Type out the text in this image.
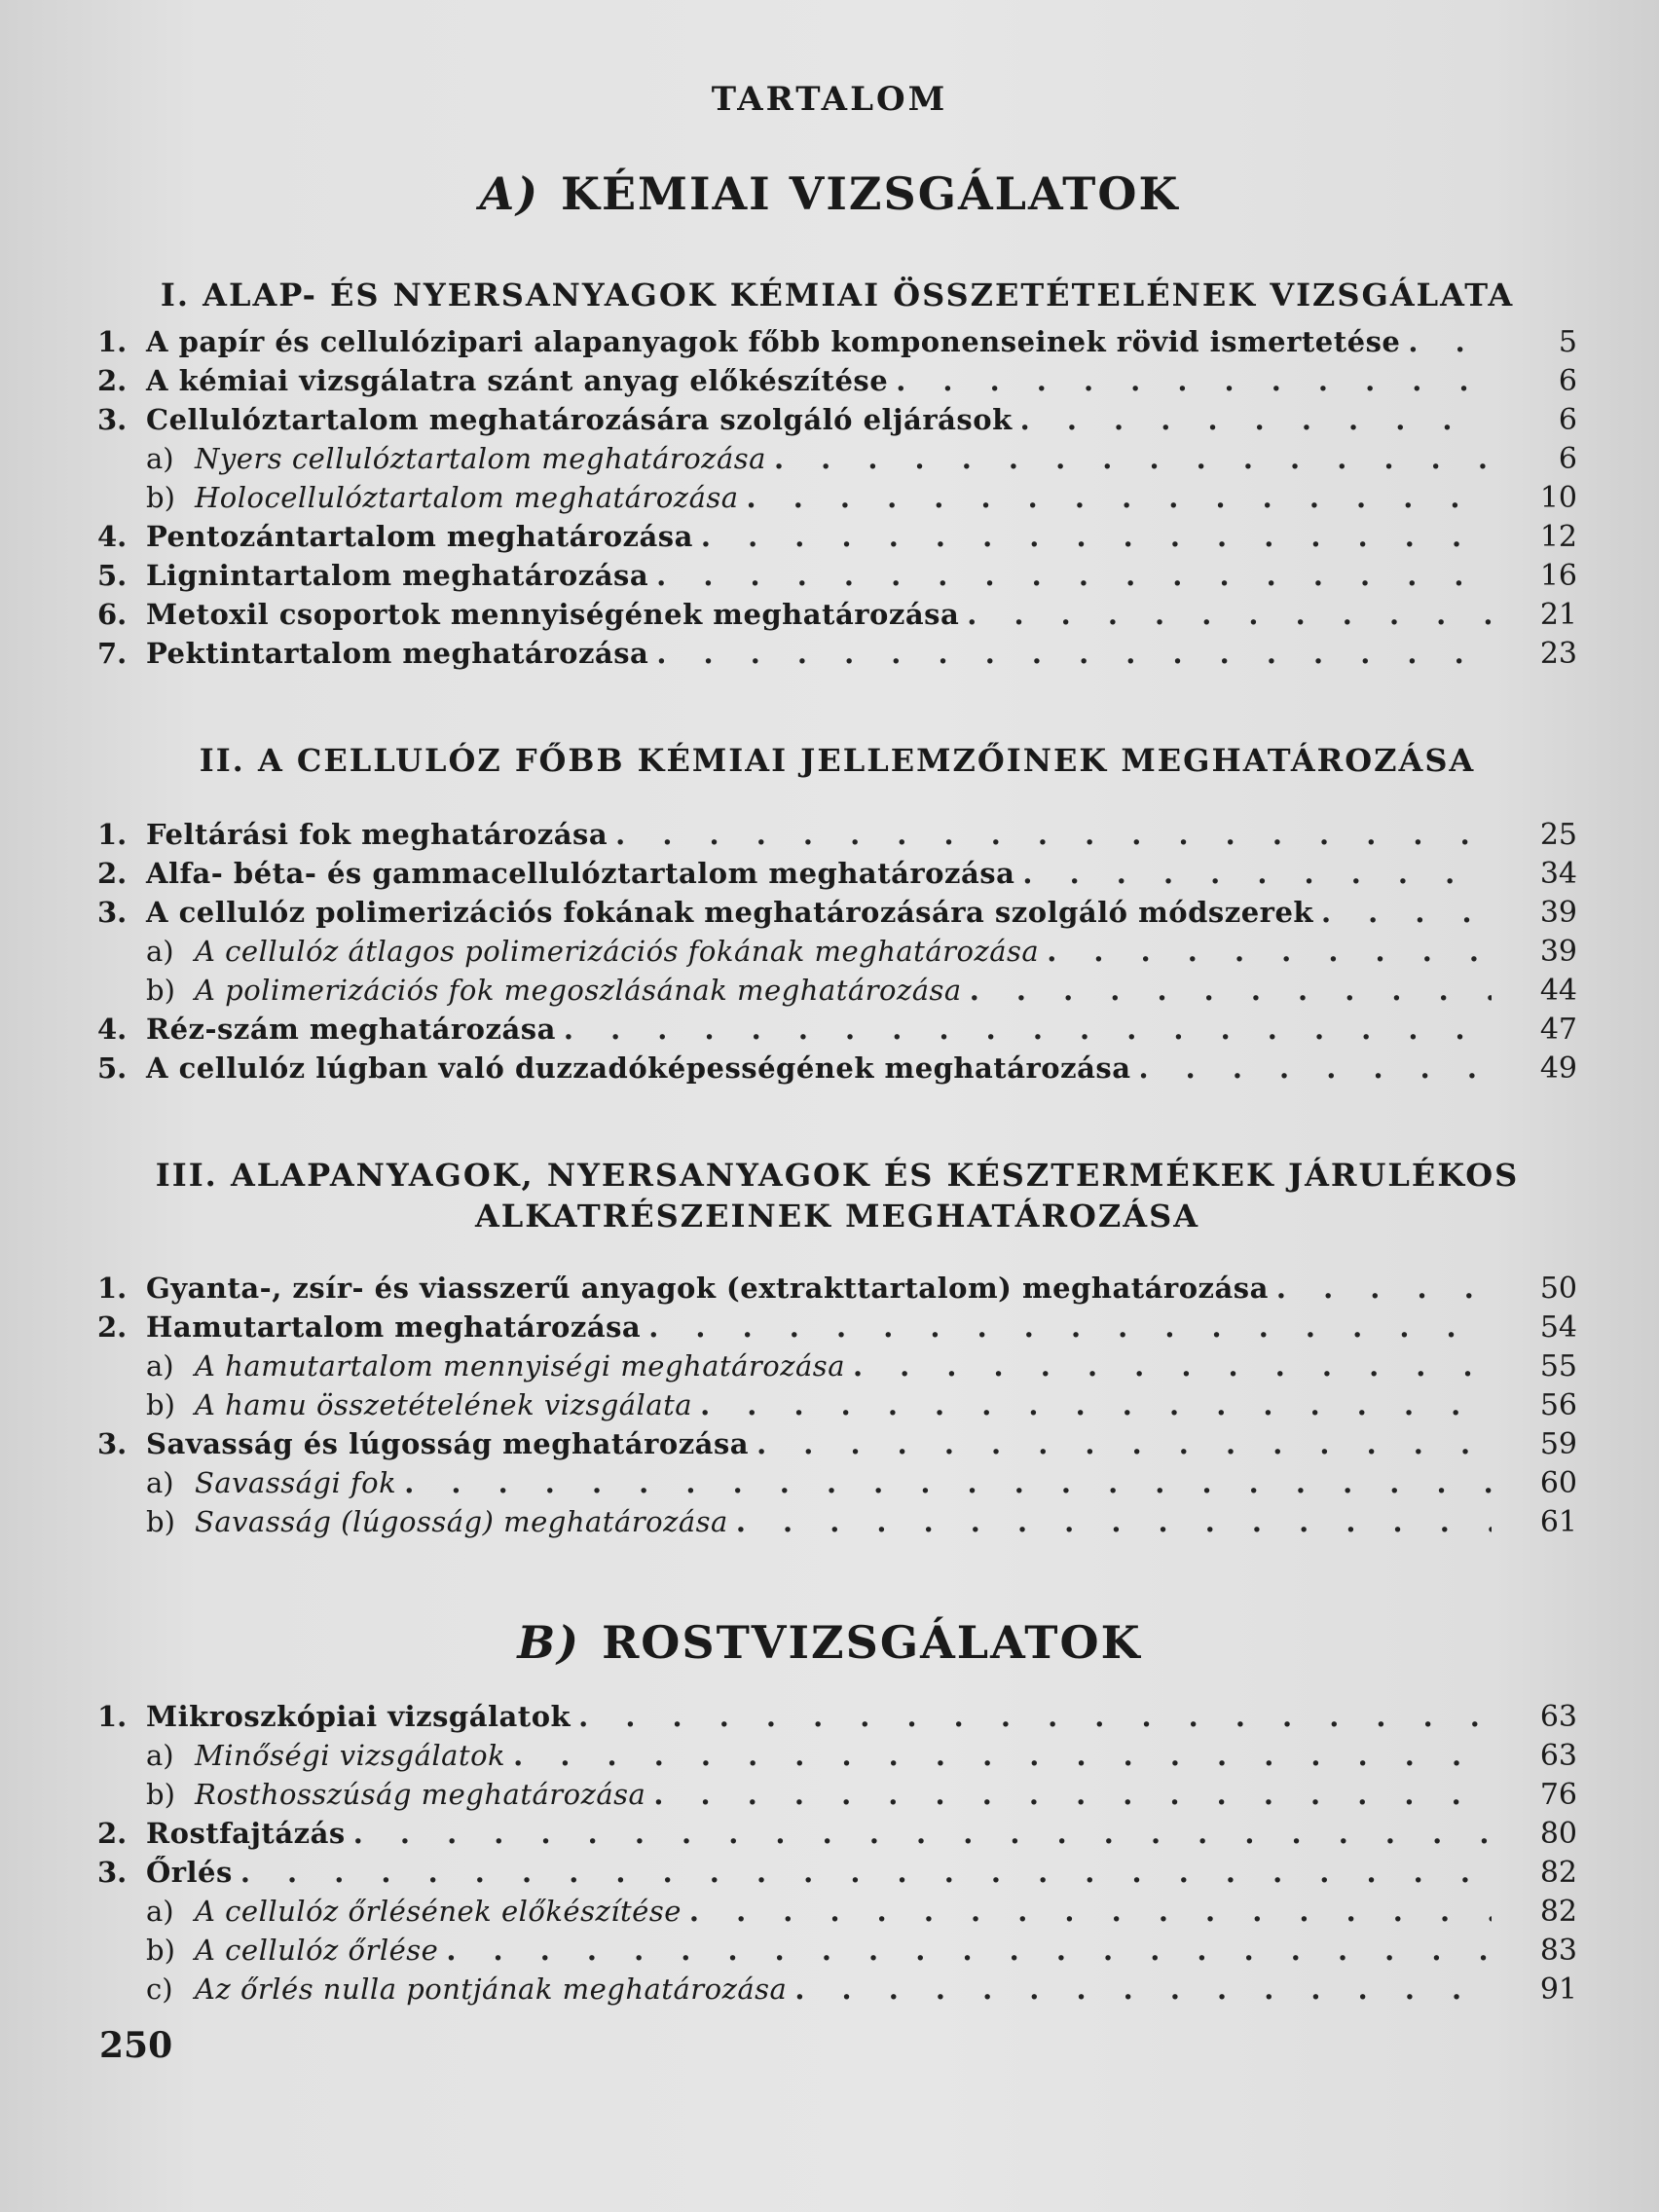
TARTALOM
A) KÉMIAI VIZSGÁLATOK
I. ALAP- ÉS NYERSANYAGOK KÉMIAI ÖSSZETÉTELÉNEK VIZSGÁLATA
1. A papír és cellulózipari alapanyagok főbb komponenseinek rövid ismertetése . . .	5
2. A kémiai vizsgálatra szánt anyag előkészítése . . .	6
3. Cellulóztartalom meghatározására szolgáló eljárások . . .	6
a) Nyers cellulóztartalom meghatározása . . .	6
b) Holocellulóztartalom meghatározása . . .	10
4. Pentozántartalom meghatározása . . .	12
5. Lignintartalom meghatározása . . .	16
6. Metoxil csoportok mennyiségének meghatározása . . .	21
7. Pektintartalom meghatározása . . .	23
II. A CELLULÓZ FŐBB KÉMIAI JELLEMZŐINEK MEGHATÁROZÁSA
1. Feltárási fok meghatározása . . .	25
2. Alfa- béta- és gammacellulóztartalom meghatározása . . .	34
3. A cellulóz polimerizációs fokának meghatározására szolgáló módszerek . . .	39
a) A cellulóz átlagos polimerizációs fokának meghatározása . . .	39
b) A polimerizációs fok megoszlásának meghatározása . . .	44
4. Réz-szám meghatározása . . .	47
5. A cellulóz lúgban való duzzadóképességének meghatározása . . .	49
III. ALAPANYAGOK, NYERSANYAGOK ÉS KÉSZTERMÉKEK JÁRULÉKOS
ALKATRÉSZEINEK MEGHATÁROZÁSA
1. Gyanta-, zsír- és viasszerű anyagok (extrakttartalom) meghatározása . . .	50
2. Hamutartalom meghatározása . . .	54
a) A hamutartalom mennyiségi meghatározása . . .	55
b) A hamu összetételének vizsgálata . . .	56
3. Savasság és lúgosság meghatározása . . .	59
a) Savassági fok . . .	60
b) Savasság (lúgosság) meghatározása . . .	61
B) ROSTVIZSGÁLATOK
1. Mikroszkópiai vizsgálatok . . .	63
a) Minőségi vizsgálatok . . .	63
b) Rosthosszúság meghatározása . . .	76
2. Rostfajtázás . . .	80
3. Őrlés . . .	82
a) A cellulóz őrlésének előkészítése . . .	82
b) A cellulóz őrlése . . .	83
c) Az őrlés nulla pontjának meghatározása . . .	91
250
